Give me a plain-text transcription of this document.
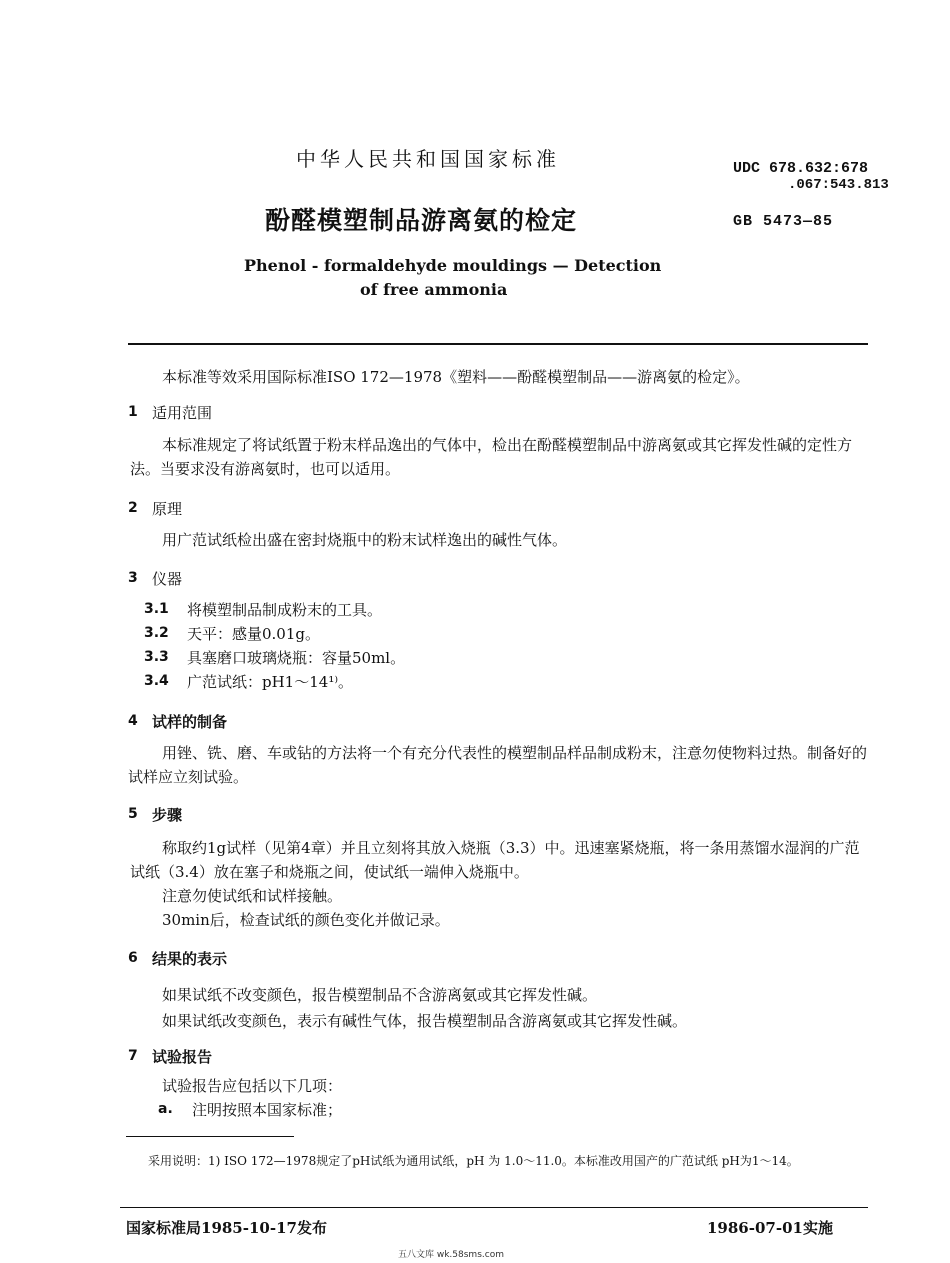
中华人民共和国国家标准	UDC 678.632:678
.067:543.813
酚醛模塑制品游离氨的检定	GB 5473—85
Phenol - formaldehyde mouldings — Detection
of free ammonia
本标准等效采用国际标准ISO 172—1978《塑料——酚醛模塑制品——游离氨的检定》。
1 适用范围
本标准规定了将试纸置于粉末样品逸出的气体中，检出在酚醛模塑制品中游离氨或其它挥发性碱的定性方法。当要求没有游离氨时，也可以适用。
2 原理
用广范试纸检出盛在密封烧瓶中的粉末试样逸出的碱性气体。
3 仪器
3.1 将模塑制品制成粉末的工具。
3.2 天平：感量0.01g。
3.3 具塞磨口玻璃烧瓶：容量50ml。
3.4 广范试纸：pH1～14¹⁾。
4 试样的制备
用锉、铣、磨、车或钻的方法将一个有充分代表性的模塑制品样品制成粉末，注意勿使物料过热。制备好的试样应立刻试验。
5 步骤
称取约1g试样（见第4章）并且立刻将其放入烧瓶（3.3）中。迅速塞紧烧瓶，将一条用蒸馏水湿润的广范试纸（3.4）放在塞子和烧瓶之间，使试纸一端伸入烧瓶中。
注意勿使试纸和试样接触。
30min后，检查试纸的颜色变化并做记录。
6 结果的表示
如果试纸不改变颜色，报告模塑制品不含游离氨或其它挥发性碱。
如果试纸改变颜色，表示有碱性气体，报告模塑制品含游离氨或其它挥发性碱。
7 试验报告
试验报告应包括以下几项：
a. 注明按照本国家标准；
采用说明：1) ISO 172—1978规定了pH试纸为通用试纸，pH 为 1.0～11.0。本标准改用国产的广范试纸 pH为1～14。
国家标准局1985-10-17发布	1986-07-01实施
五八文库 wk.58sms.com
